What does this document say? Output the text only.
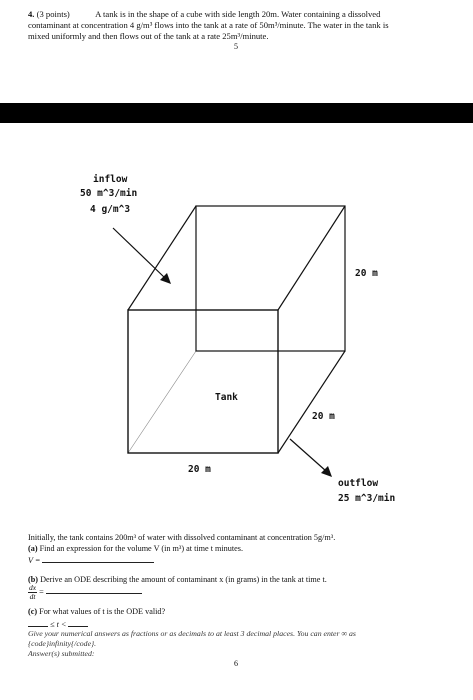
4. (3 points)	A tank is in the shape of a cube with side length 20m. Water containing a dissolved
contaminant at concentration 4 g/m³ flows into the tank at a rate of 50m³/minute. The water in the tank is
mixed uniformly and then flows out of the tank at a rate 25m³/minute.
5
inflow
50 m^3/min
4 g/m^3
20 m
Tank
20 m
20 m
outflow
25 m^3/min
Initially, the tank contains 200m³ of water with dissolved contaminant at concentration 5g/m³.
(a) Find an expression for the volume V (in m³) at time t minutes.
V =
(b) Derive an ODE describing the amount of contaminant x (in grams) in the tank at time t.
$\frac{dx}{dt}$ =
(c) For what values of t is the ODE valid?
≤ t <
Give your numerical answers as fractions or as decimals to at least 3 decimal places. You can enter ∞ as
{code}infinity{/code}.
Answer(s) submitted:
6
